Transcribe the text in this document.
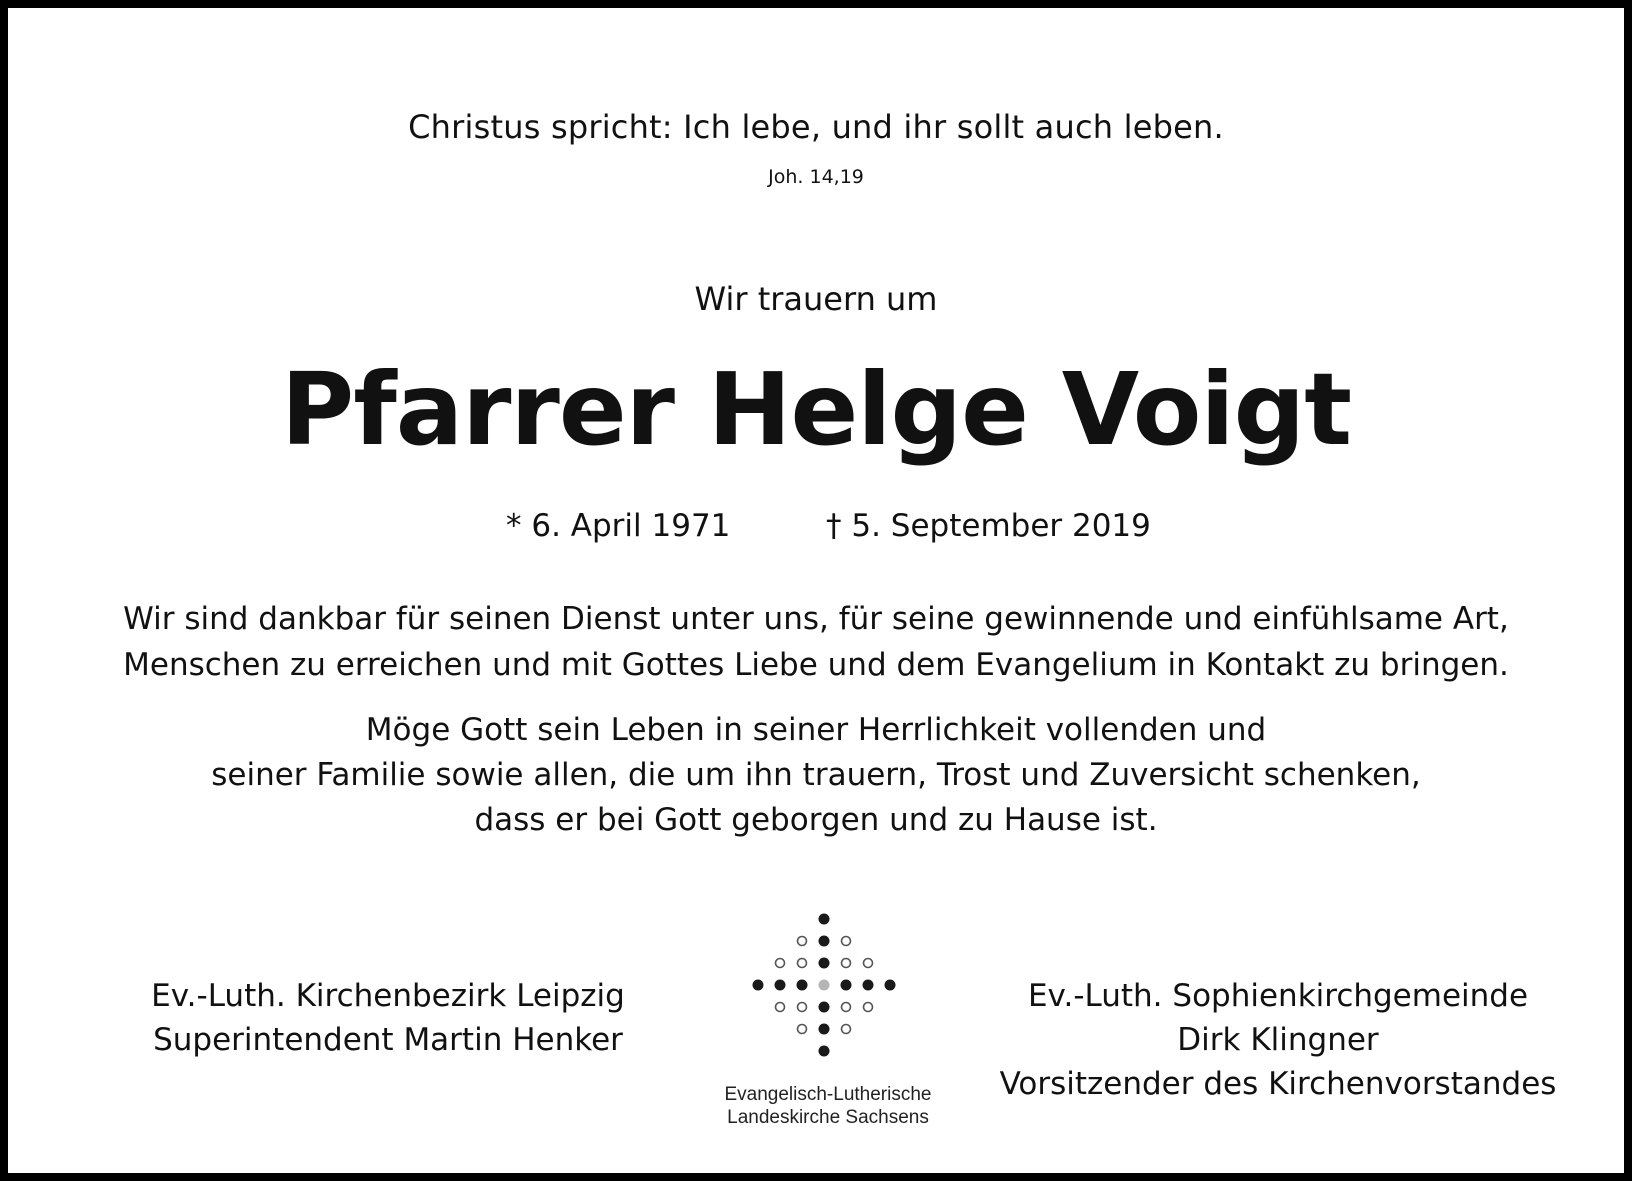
Christus spricht: Ich lebe, und ihr sollt auch leben.
Joh. 14,19
Wir trauern um
Pfarrer Helge Voigt
* 6. April 1971	† 5. September 2019

Wir sind dankbar für seinen Dienst unter uns, für seine gewinnende und einfühlsame Art,

Menschen zu erreichen und mit Gottes Liebe und dem Evangelium in Kontakt zu bringen.

Möge Gott sein Leben in seiner Herrlichkeit vollenden und

seiner Familie sowie allen, die um ihn trauern, Trost und Zuversicht schenken,

dass er bei Gott geborgen und zu Hause ist.

Ev.-Luth. Kirchenbezirk Leipzig
Superintendent Martin Henker
Evangelisch-Lutherische
Landeskirche Sachsens
Ev.-Luth. Sophienkirchgemeinde
Dirk Klingner
Vorsitzender des Kirchenvorstandes
